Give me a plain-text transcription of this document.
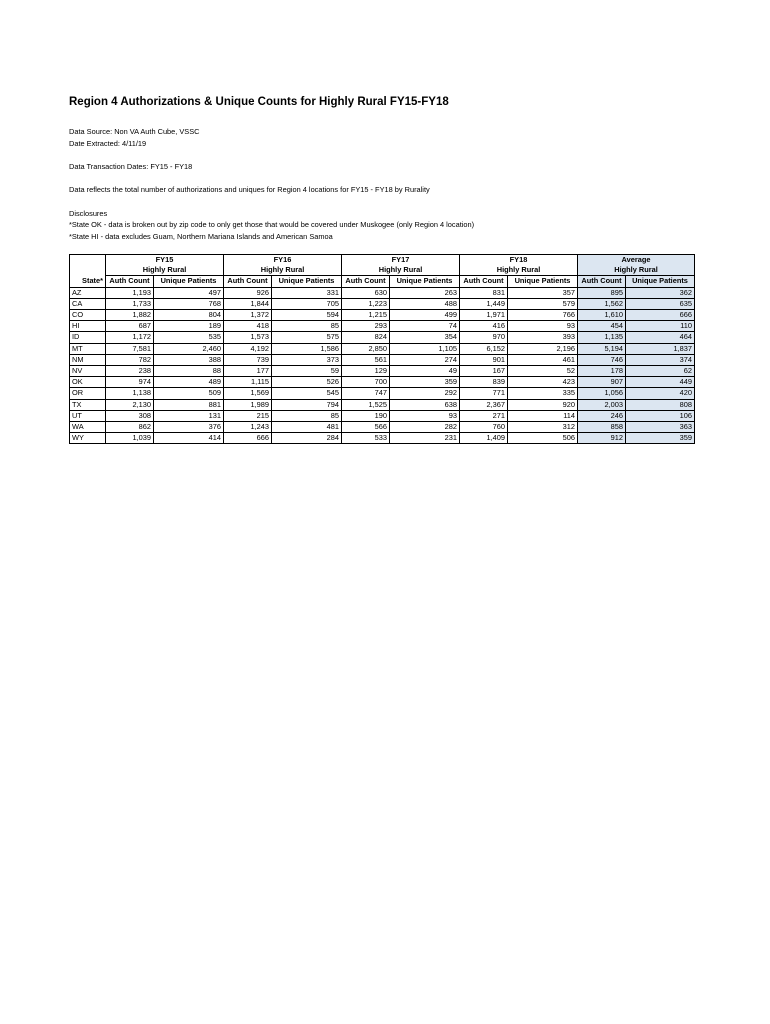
Region 4 Authorizations & Unique Counts for Highly Rural FY15-FY18
Data Source: Non VA Auth Cube, VSSC
Date Extracted: 4/11/19
Data Transaction Dates: FY15 - FY18
Data reflects the total number of authorizations and uniques for Region 4 locations for FY15 - FY18 by Rurality
Disclosures
*State OK - data is broken out by zip code to only get those that would be covered under Muskogee (only Region 4 location)
*State HI - data excludes Guam, Northern Mariana Islands and American Samoa
	FY15		FY16		FY17		FY18		Average	
	Highly Rural		Highly Rural		Highly Rural		Highly Rural		Highly Rural	
State*	Auth Count	Unique Patients	Auth Count	Unique Patients	Auth Count	Unique Patients	Auth Count	Unique Patients	Auth Count	Unique Patients
AZ	1,193	497	926	331	630	263	831	357	895	362
CA	1,733	768	1,844	705	1,223	488	1,449	579	1,562	635
CO	1,882	804	1,372	594	1,215	499	1,971	766	1,610	666
HI	687	189	418	85	293	74	416	93	454	110
ID	1,172	535	1,573	575	824	354	970	393	1,135	464
MT	7,581	2,460	4,192	1,586	2,850	1,105	6,152	2,196	5,194	1,837
NM	782	388	739	373	561	274	901	461	746	374
NV	238	88	177	59	129	49	167	52	178	62
OK	974	489	1,115	526	700	359	839	423	907	449
OR	1,138	509	1,569	545	747	292	771	335	1,056	420
TX	2,130	881	1,989	794	1,525	638	2,367	920	2,003	808
UT	308	131	215	85	190	93	271	114	246	106
WA	862	376	1,243	481	566	282	760	312	858	363
WY	1,039	414	666	284	533	231	1,409	506	912	359
